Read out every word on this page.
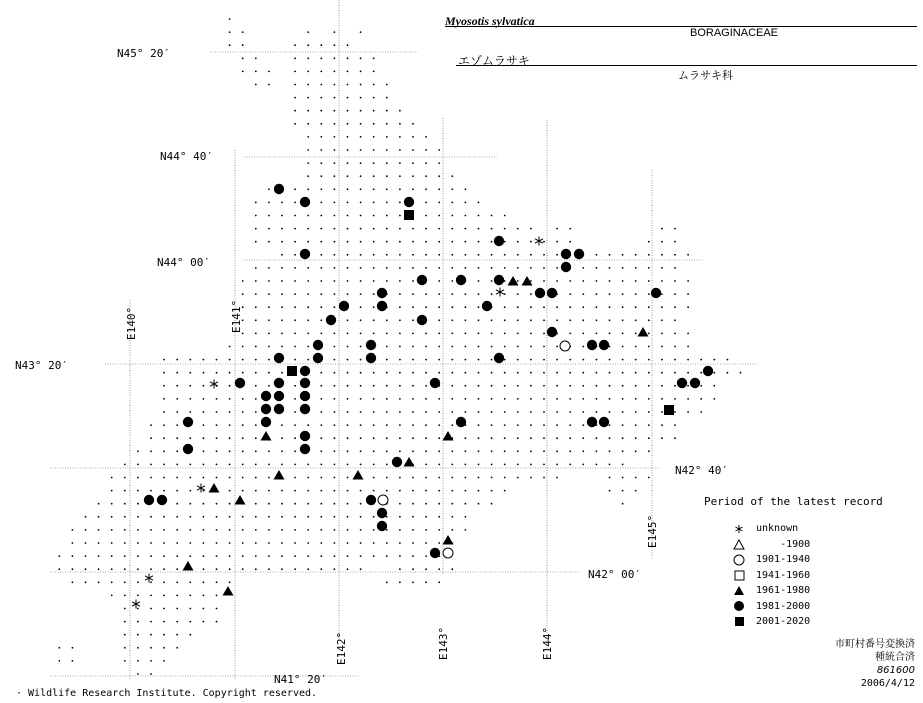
N45° 20′
N44° 40′
N44° 00′
N43° 20′
N42° 40′
N42° 00′
N41° 20′
E140°	E141°
E142°	E143°	E144°
E145°
Myosotis sylvatica
BORAGINACEAE
エゾムラサキ
ムラサキ科
Period of the latest record
unknown
-1900
1901-1940
1941-1960
1961-1980
1981-2000
2001-2020
市町村番号変換済
種統合済
861600
2006/4/12
· Wildlife Research Institute. Copyright reserved.
